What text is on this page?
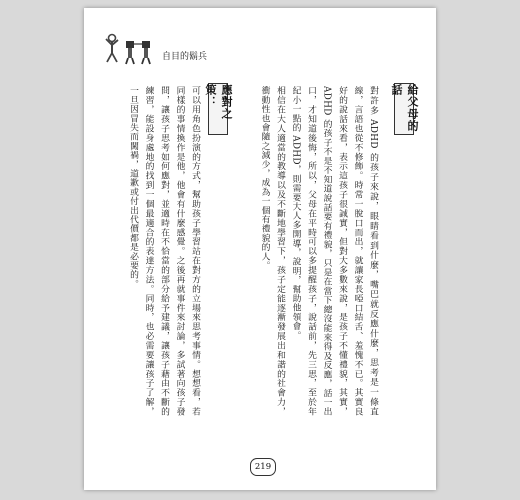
自目的鬍兵
給父母的話

對許多 ADHD 的孩子來說，眼睛看到什麼，嘴巴就反應什麼，思考是一條直線，言語也從不修飾。時常一脫口而出，就讓家長啞口結舌、羞愧不已。其實良好的說話來看，表示這孩子很誠實，但對大多數來說，是孩子不懂禮貌，其實，ADHD 的孩子不是不知道說話要有禮貌，只是在當下總沒能來得及反應，話一出口，才知道後悔，所以，父母在平時可以多提醒孩子，說話前，先三思，至於年紀小一點的 ADHD，則需要大人多開導，說明，幫助他領會。

相信在大人適當的教導以及不斷地學習下，孩子定能逐漸發展出和諧的社會力，衝動性也會隨之減少，成為一個有禮貌的人。

應對之策：

可以用角色扮演的方式，幫助孩子學習站在對方的立場來思考事情。想想看，若同樣的事情換作是他，他會有什麼感覺。之後再就事件來討論，多試著向孩子發問，讓孩子思考如何應對，並適時在不恰當的部分給予建議，讓孩子藉由不斷的練習，能設身處地的找到一個最適合的表達方法。同時，也必需要讓孩子了解，一旦因冒失而闖禍，道歉或付出代價都是必要的。

219
